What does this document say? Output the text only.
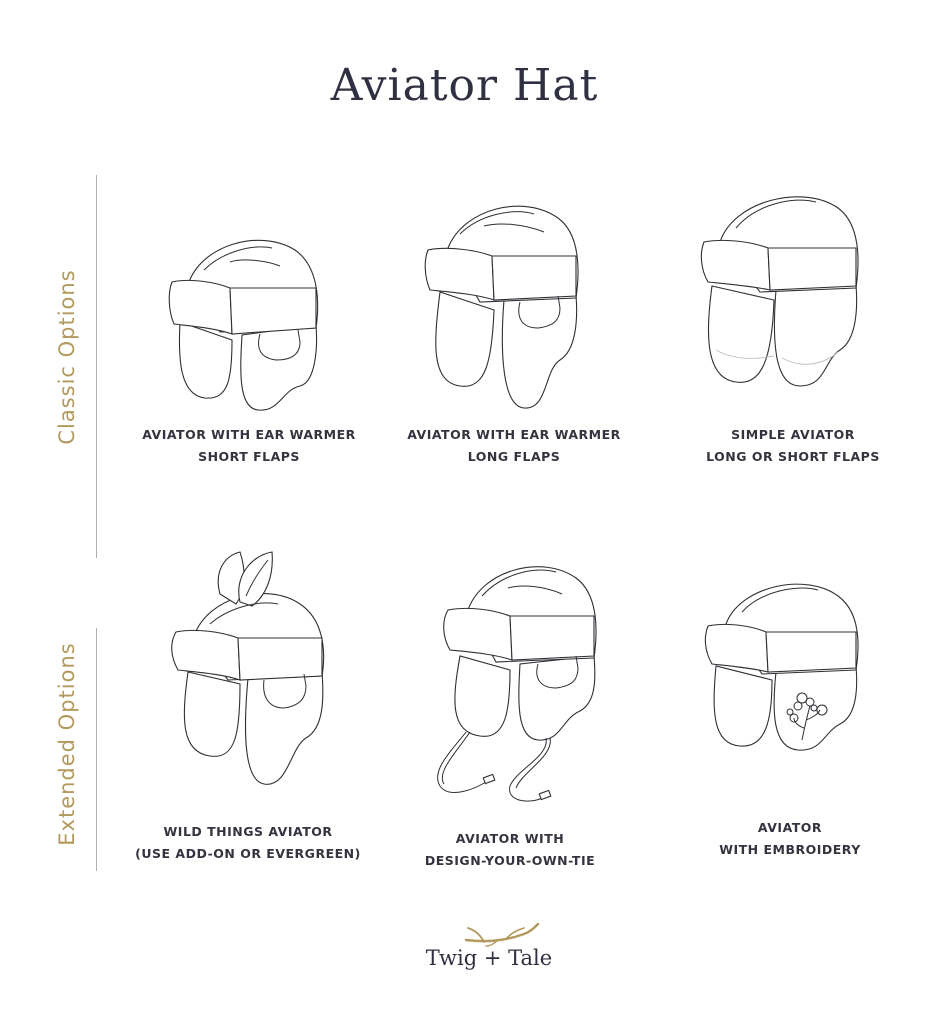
Aviator Hat
Classic Options
Extended Options
AVIATOR WITH EAR WARMER
SHORT FLAPS
AVIATOR WITH EAR WARMER
LONG FLAPS
SIMPLE AVIATOR
LONG OR SHORT FLAPS
WILD THINGS AVIATOR
(USE ADD-ON OR EVERGREEN)
AVIATOR WITH
DESIGN-YOUR-OWN-TIE
AVIATOR
WITH EMBROIDERY
Twig + Tale
